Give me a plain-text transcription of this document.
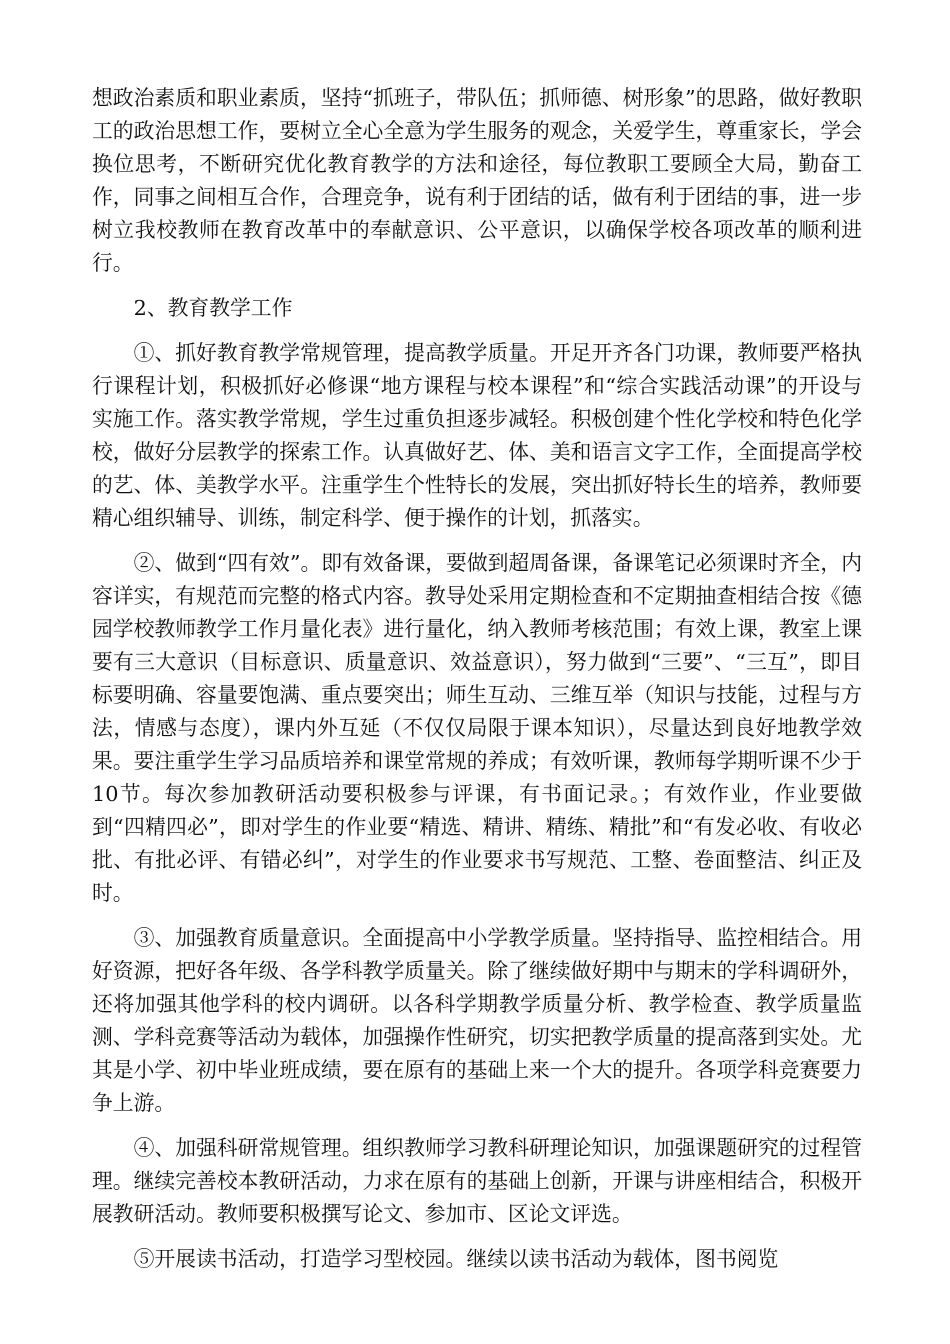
想政治素质和职业素质，坚持“抓班子，带队伍；抓师德、树形象”的思路，做好教职工的政治思想工作，要树立全心全意为学生服务的观念，关爱学生，尊重家长，学会换位思考，不断研究优化教育教学的方法和途径，每位教职工要顾全大局，勤奋工作，同事之间相互合作，合理竞争，说有利于团结的话，做有利于团结的事，进一步树立我校教师在教育改革中的奉献意识、公平意识，以确保学校各项改革的顺利进行。

2、教育教学工作

①、抓好教育教学常规管理，提高教学质量。开足开齐各门功课，教师要严格执行课程计划，积极抓好必修课“地方课程与校本课程”和“综合实践活动课”的开设与实施工作。落实教学常规，学生过重负担逐步减轻。积极创建个性化学校和特色化学校，做好分层教学的探索工作。认真做好艺、体、美和语言文字工作，全面提高学校的艺、体、美教学水平。注重学生个性特长的发展，突出抓好特长生的培养，教师要精心组织辅导、训练，制定科学、便于操作的计划，抓落实。

②、做到“四有效”。即有效备课，要做到超周备课，备课笔记必须课时齐全，内容详实，有规范而完整的格式内容。教导处采用定期检查和不定期抽查相结合按《德园学校教师教学工作月量化表》进行量化，纳入教师考核范围；有效上课，教室上课要有三大意识（目标意识、质量意识、效益意识），努力做到“三要”、“三互”，即目标要明确、容量要饱满、重点要突出；师生互动、三维互举（知识与技能，过程与方法，情感与态度），课内外互延（不仅仅局限于课本知识），尽量达到良好地教学效果。要注重学生学习品质培养和课堂常规的养成；有效听课，教师每学期听课不少于10节。每次参加教研活动要积极参与评课，有书面记录。；有效作业，作业要做到“四精四必”，即对学生的作业要“精选、精讲、精练、精批”和“有发必收、有收必批、有批必评、有错必纠”，对学生的作业要求书写规范、工整、卷面整洁、纠正及时。

③、加强教育质量意识。全面提高中小学教学质量。坚持指导、监控相结合。用好资源，把好各年级、各学科教学质量关。除了继续做好期中与期末的学科调研外，还将加强其他学科的校内调研。以各科学期教学质量分析、教学检查、教学质量监测、学科竞赛等活动为载体，加强操作性研究，切实把教学质量的提高落到实处。尤其是小学、初中毕业班成绩，要在原有的基础上来一个大的提升。各项学科竞赛要力争上游。

④、加强科研常规管理。组织教师学习教科研理论知识，加强课题研究的过程管理。继续完善校本教研活动，力求在原有的基础上创新，开课与讲座相结合，积极开展教研活动。教师要积极撰写论文、参加市、区论文评选。

⑤开展读书活动，打造学习型校园。继续以读书活动为载体，图书阅览
